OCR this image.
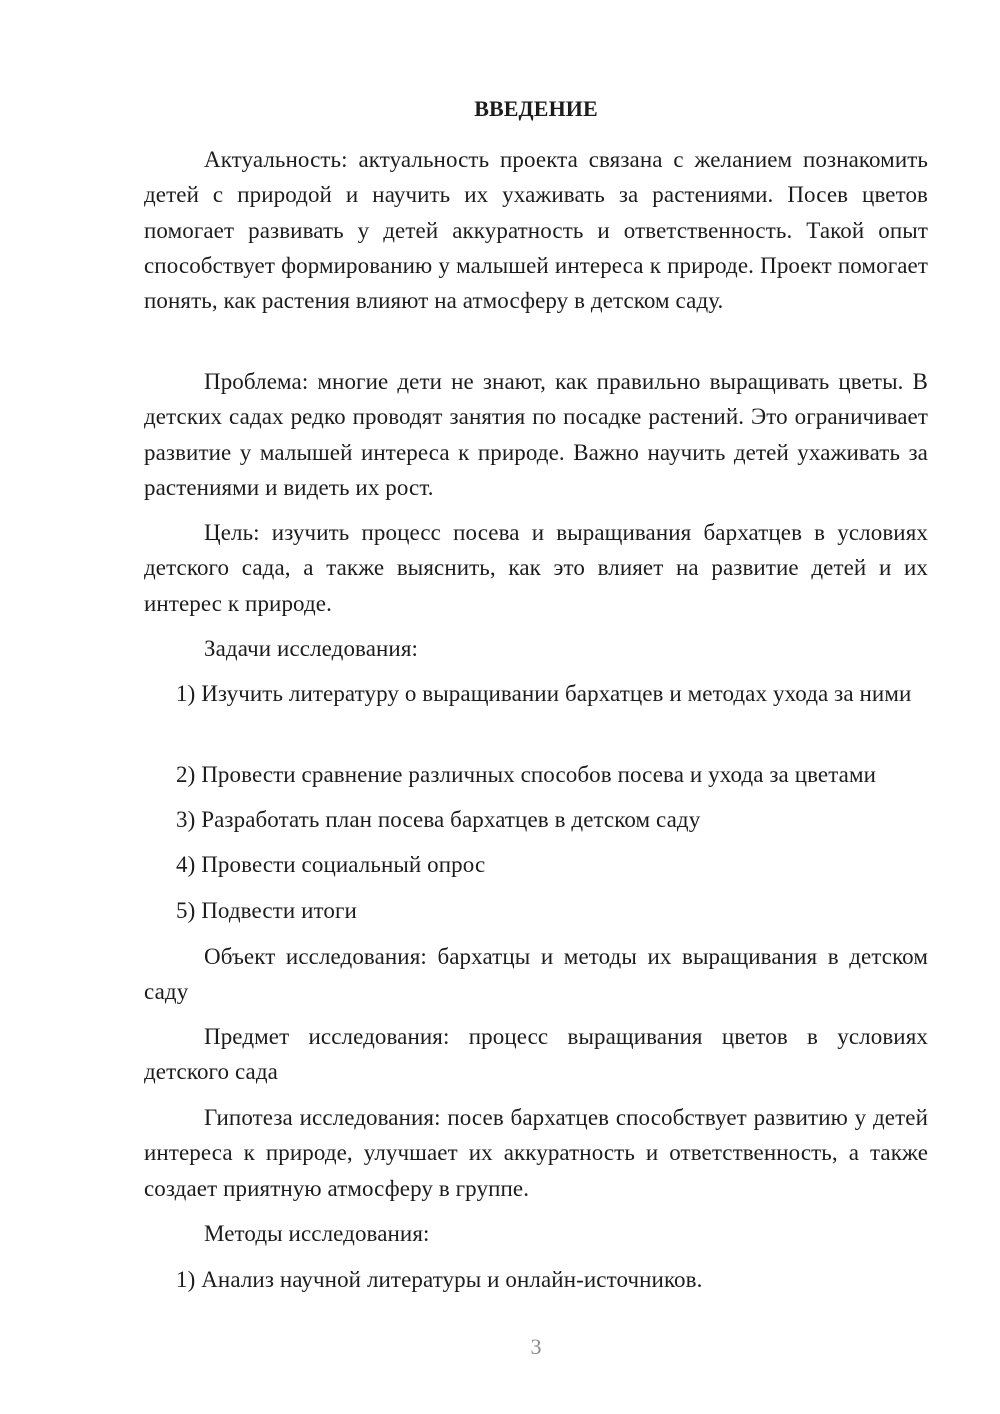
ВВЕДЕНИЕ

Актуальность: актуальность проекта связана с желанием познакомить детей с природой и научить их ухаживать за растениями. Посев цветов помогает развивать у детей аккуратность и ответственность. Такой опыт способствует формированию у малышей интереса к природе. Проект помогает понять, как растения влияют на атмосферу в детском саду.

Проблема: многие дети не знают, как правильно выращивать цветы. В детских садах редко проводят занятия по посадке растений. Это ограничивает развитие у малышей интереса к природе. Важно научить детей ухаживать за растениями и видеть их рост.

Цель: изучить процесс посева и выращивания бархатцев в условиях детского сада, а также выяснить, как это влияет на развитие детей и их интерес к природе.

Задачи исследования:

1) Изучить литературу о выращивании бархатцев и методах ухода за ними

2) Провести сравнение различных способов посева и ухода за цветами

3) Разработать план посева бархатцев в детском саду

4) Провести социальный опрос

5) Подвести итоги

Объект исследования: бархатцы и методы их выращивания в детском саду

Предмет исследования: процесс выращивания цветов в условиях детского сада

Гипотеза исследования: посев бархатцев способствует развитию у детей интереса к природе, улучшает их аккуратность и ответственность, а также создает приятную атмосферу в группе.

Методы исследования:

1) Анализ научной литературы и онлайн-источников.

3
